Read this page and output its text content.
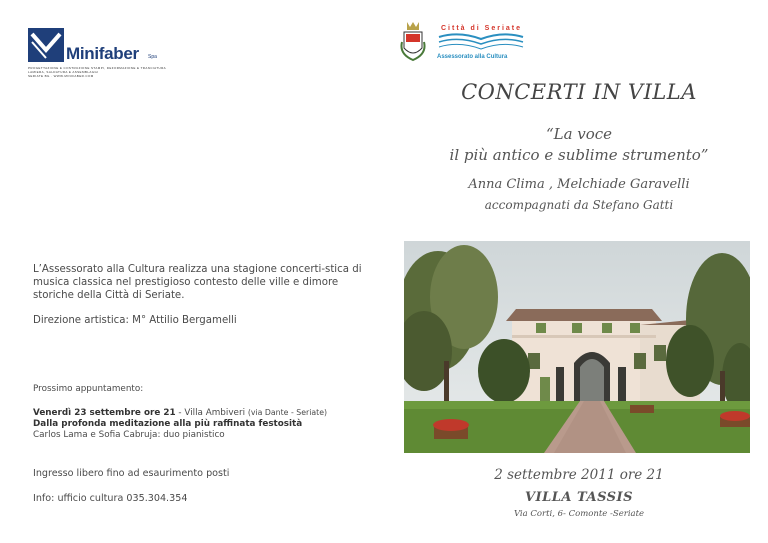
Minifaber Spa
PROGETTAZIONE E COSTRUZIONE STAMPI, DEFORMAZIONE E TRANCIATURA LAMIERA, SALDATURA E ASSEMBLAGGI
SERIATE BG · WWW.MINIFABER.COM
Città di Seriate
Assessorato alla Cultura
CONCERTI IN VILLA
“La voce
il più antico e sublime strumento”
Anna Clima , Melchiade Garavelli
accompagnati da Stefano Gatti
L’Assessorato alla Cultura realizza una stagione concerti-stica di musica classica nel prestigioso contesto delle ville e dimore storiche della Città di Seriate.
Direzione artistica: M° Attilio Bergamelli
Prossimo appuntamento:
Venerdì 23 settembre ore 21 - Villa Ambiveri (via Dante - Seriate)
Dalla profonda meditazione alla più raffinata festosità
Carlos Lama e Sofia Cabruja: duo pianistico
Ingresso libero fino ad esaurimento posti
Info: ufficio cultura 035.304.354
2 settembre 2011 ore 21
VILLA TASSIS
Via Corti, 6- Comonte -Seriate
